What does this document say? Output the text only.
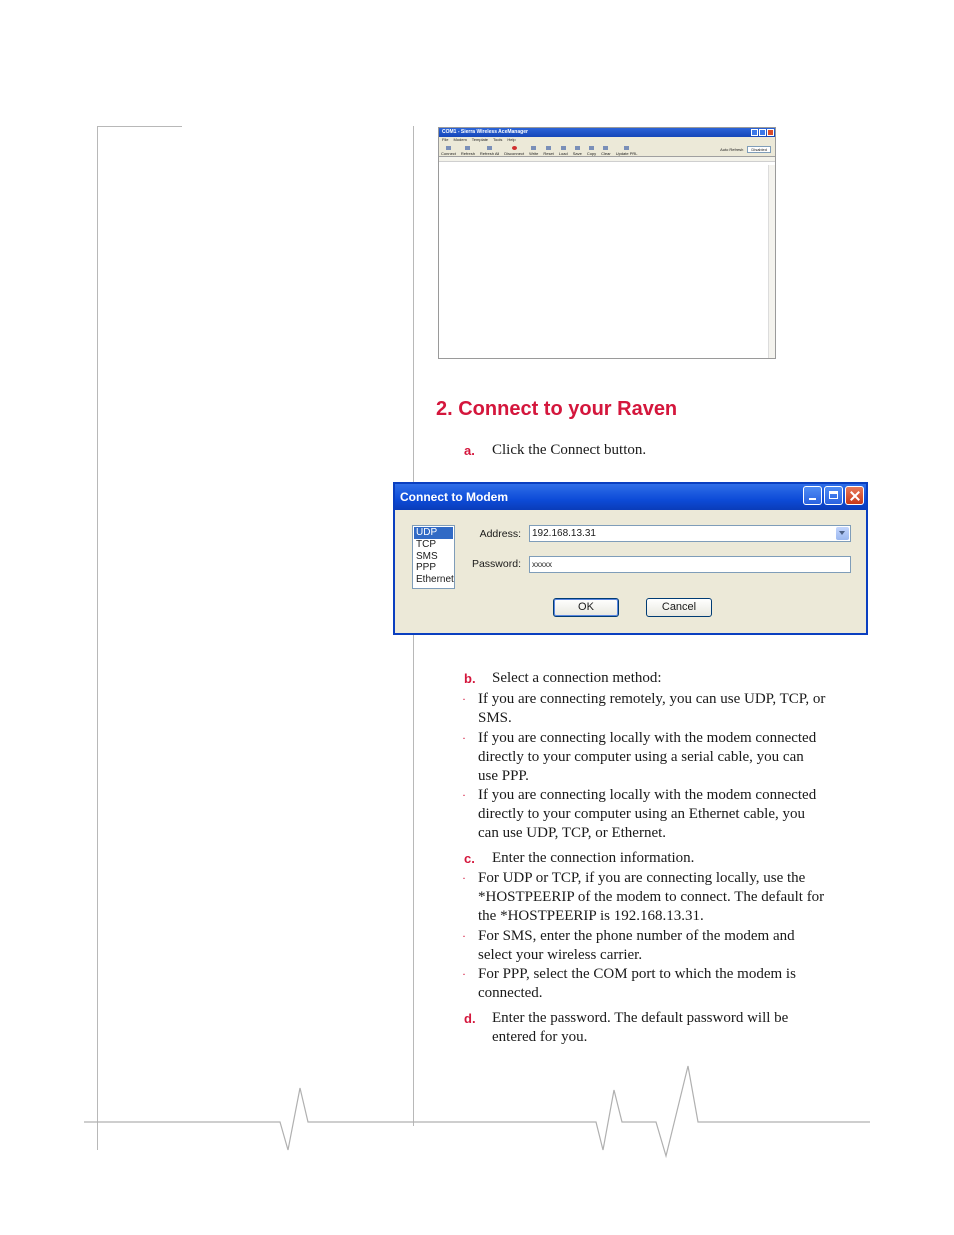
COM1 - Sierra Wireless AceManager
File Modem Template Tools Help
Connect Refresh Refresh All Disconnect Write Reset Load Save Copy Clear Update PRL
Auto Refresh	Disabled
2. Connect to your Raven
a.	Click the Connect button.
Connect to Modem
UDP
TCP
SMS
PPP
Ethernet
Address:	192.168.13.31
Password:	$^{xxxxx}$
OK	Cancel
b.	Select a connection method:
· If you are connecting remotely, you can use UDP, TCP, or
SMS.
· If you are connecting locally with the modem connected
directly to your computer using a serial cable, you can
use PPP.
· If you are connecting locally with the modem connected
directly to your computer using an Ethernet cable, you
can use UDP, TCP, or Ethernet.
c.	Enter the connection information.
· For UDP or TCP, if you are connecting locally, use the
*HOSTPEERIP of the modem to connect. The default for
the *HOSTPEERIP is 192.168.13.31.
· For SMS, enter the phone number of the modem and
select your wireless carrier.
· For PPP, select the COM port to which the modem is
connected.
d.	Enter the password. The default password will be
entered for you.
